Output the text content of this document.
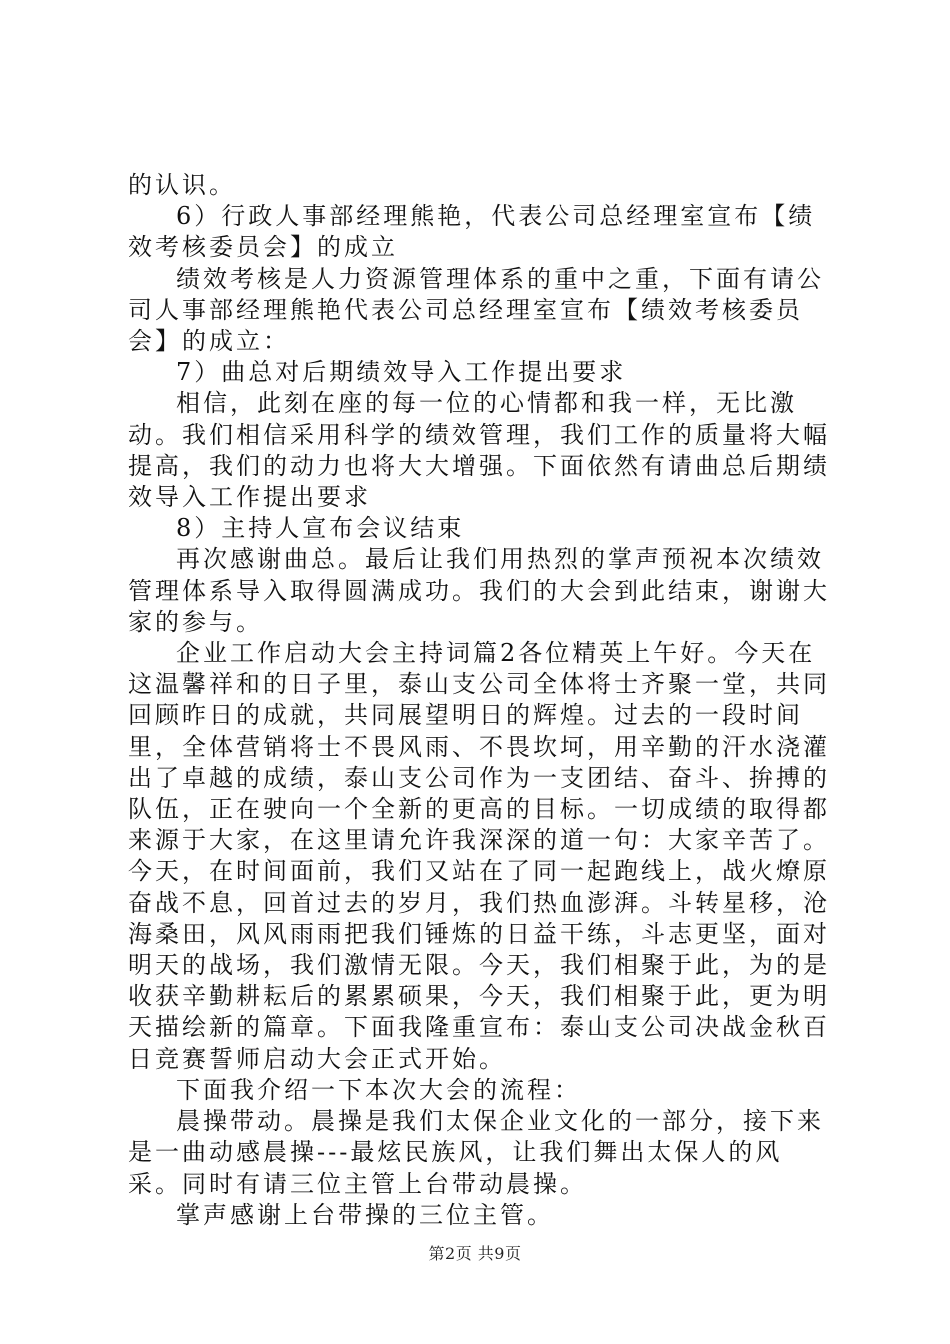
的认识。

6）行政人事部经理熊艳，代表公司总经理室宣布【绩效考核委员会】的成立

绩效考核是人力资源管理体系的重中之重，下面有请公司人事部经理熊艳代表公司总经理室宣布【绩效考核委员会】的成立：

7）曲总对后期绩效导入工作提出要求

相信，此刻在座的每一位的心情都和我一样，无比激动。我们相信采用科学的绩效管理，我们工作的质量将大幅提高，我们的动力也将大大增强。下面依然有请曲总后期绩效导入工作提出要求

8）主持人宣布会议结束

再次感谢曲总。最后让我们用热烈的掌声预祝本次绩效管理体系导入取得圆满成功。我们的大会到此结束，谢谢大家的参与。

企业工作启动大会主持词篇2各位精英上午好。今天在这温馨祥和的日子里，泰山支公司全体将士齐聚一堂，共同回顾昨日的成就，共同展望明日的辉煌。过去的一段时间里，全体营销将士不畏风雨、不畏坎坷，用辛勤的汗水浇灌出了卓越的成绩，泰山支公司作为一支团结、奋斗、拚搏的队伍，正在驶向一个全新的更高的目标。一切成绩的取得都来源于大家，在这里请允许我深深的道一句：大家辛苦了。今天，在时间面前，我们又站在了同一起跑线上，战火燎原奋战不息，回首过去的岁月，我们热血澎湃。斗转星移，沧海桑田，风风雨雨把我们锤炼的日益干练，斗志更坚，面对明天的战场，我们激情无限。今天，我们相聚于此，为的是收获辛勤耕耘后的累累硕果，今天，我们相聚于此，更为明天描绘新的篇章。下面我隆重宣布：泰山支公司决战金秋百日竞赛誓师启动大会正式开始。

下面我介绍一下本次大会的流程：

晨操带动。晨操是我们太保企业文化的一部分，接下来是一曲动感晨操---最炫民族风，让我们舞出太保人的风采。同时有请三位主管上台带动晨操。

掌声感谢上台带操的三位主管。

第2页 共9页
